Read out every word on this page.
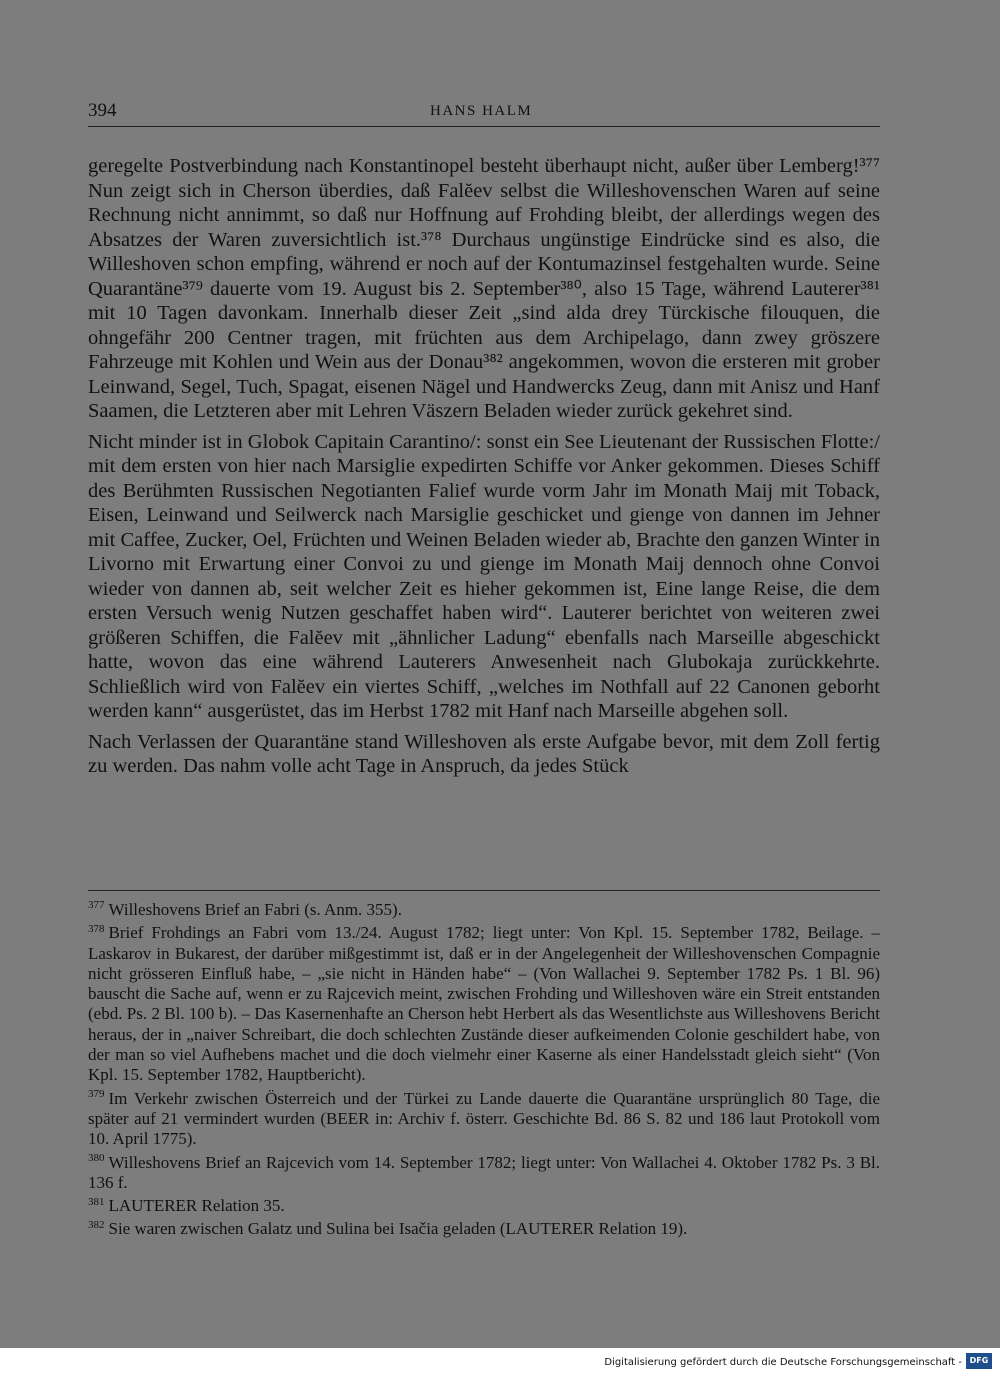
394	HANS HALM

geregelte Postverbindung nach Konstantinopel besteht überhaupt nicht, außer über Lemberg!³⁷⁷ Nun zeigt sich in Cherson überdies, daß Falĕev selbst die Willeshovenschen Waren auf seine Rechnung nicht annimmt, so daß nur Hoffnung auf Frohding bleibt, der allerdings wegen des Absatzes der Waren zuversichtlich ist.³⁷⁸ Durchaus ungünstige Eindrücke sind es also, die Willeshoven schon empfing, während er noch auf der Kontumazinsel festgehalten wurde. Seine Quarantäne³⁷⁹ dauerte vom 19. August bis 2. September³⁸⁰, also 15 Tage, während Lauterer³⁸¹ mit 10 Tagen davonkam. Innerhalb dieser Zeit „sind alda drey Türckische filouquen, die ohngefähr 200 Centner tragen, mit früchten aus dem Archipelago, dann zwey gröszere Fahrzeuge mit Kohlen und Wein aus der Donau³⁸² angekommen, wovon die ersteren mit grober Leinwand, Segel, Tuch, Spagat, eisenen Nägel und Handwercks Zeug, dann mit Anisz und Hanf Saamen, die Letzteren aber mit Lehren Väszern Beladen wieder zurück gekehret sind.

Nicht minder ist in Globok Capitain Carantino/: sonst ein See Lieutenant der Russischen Flotte:/ mit dem ersten von hier nach Marsiglie expedirten Schiffe vor Anker gekommen. Dieses Schiff des Berühmten Russischen Negotianten Falief wurde vorm Jahr im Monath Maij mit Toback, Eisen, Leinwand und Seilwerck nach Marsiglie geschicket und gienge von dannen im Jehner mit Caffee, Zucker, Oel, Früchten und Weinen Beladen wieder ab, Brachte den ganzen Winter in Livorno mit Erwartung einer Convoi zu und gienge im Monath Maij dennoch ohne Convoi wieder von dannen ab, seit welcher Zeit es hieher gekommen ist, Eine lange Reise, die dem ersten Versuch wenig Nutzen geschaffet haben wird“. Lauterer berichtet von weiteren zwei größeren Schiffen, die Falĕev mit „ähnlicher Ladung“ ebenfalls nach Marseille abgeschickt hatte, wovon das eine während Lauterers Anwesenheit nach Glubokaja zurückkehrte. Schließlich wird von Falĕev ein viertes Schiff, „welches im Nothfall auf 22 Canonen geborht werden kann“ ausgerüstet, das im Herbst 1782 mit Hanf nach Marseille abgehen soll.

Nach Verlassen der Quarantäne stand Willeshoven als erste Aufgabe bevor, mit dem Zoll fertig zu werden. Das nahm volle acht Tage in Anspruch, da jedes Stück

$^{377}$ Willeshovens Brief an Fabri (s. Anm. 355).

$^{378}$ Brief Frohdings an Fabri vom 13./24. August 1782; liegt unter: Von Kpl. 15. September 1782, Beilage. – Laskarov in Bukarest, der darüber mißgestimmt ist, daß er in der Angelegenheit der Willeshovenschen Compagnie nicht grösseren Einfluß habe, – „sie nicht in Händen habe“ – (Von Wallachei 9. September 1782 Ps. 1 Bl. 96) bauscht die Sache auf, wenn er zu Rajcevich meint, zwischen Frohding und Willeshoven wäre ein Streit entstanden (ebd. Ps. 2 Bl. 100 b). – Das Kasernenhafte an Cherson hebt Herbert als das Wesentlichste aus Willeshovens Bericht heraus, der in „naiver Schreibart, die doch schlechten Zustände dieser aufkeimenden Colonie geschildert habe, von der man so viel Aufhebens machet und die doch vielmehr einer Kaserne als einer Handelsstadt gleich sieht“ (Von Kpl. 15. September 1782, Hauptbericht).

$^{379}$ Im Verkehr zwischen Österreich und der Türkei zu Lande dauerte die Quarantäne ursprünglich 80 Tage, die später auf 21 vermindert wurden (BEER in: Archiv f. österr. Geschichte Bd. 86 S. 82 und 186 laut Protokoll vom 10. April 1775).

$^{380}$ Willeshovens Brief an Rajcevich vom 14. September 1782; liegt unter: Von Wallachei 4. Oktober 1782 Ps. 3 Bl. 136 f.

$^{381}$ LAUTERER Relation 35.

$^{382}$ Sie waren zwischen Galatz und Sulina bei Isačia geladen (LAUTERER Relation 19).

Digitalisierung gefördert durch die Deutsche Forschungsgemeinschaft - DFG
